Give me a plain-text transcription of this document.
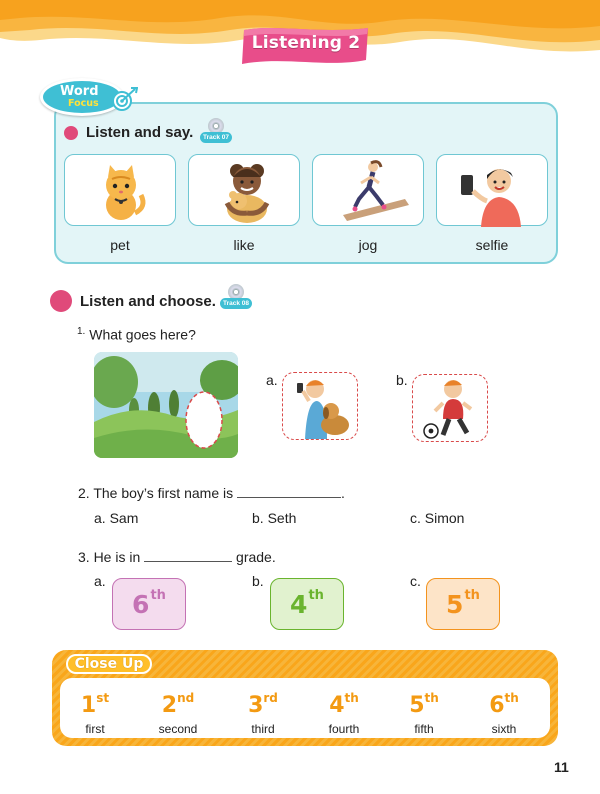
Listening 2
Word
Focus
Listen and say.	Track 07
pet	like	jog	selfie
Listen and choose.	Track 08
$^{1.}$ What goes here?
a.	b.
2. The boy’s first name is	.
a. Sam	b. Seth	c. Simon
3. He is in	grade.
a.	b.	c.
6 th	4 th	5 th
Close Up
1st
first
2nd
second
3rd
third
4th
fourth
5th
fifth
6th
sixth
11
